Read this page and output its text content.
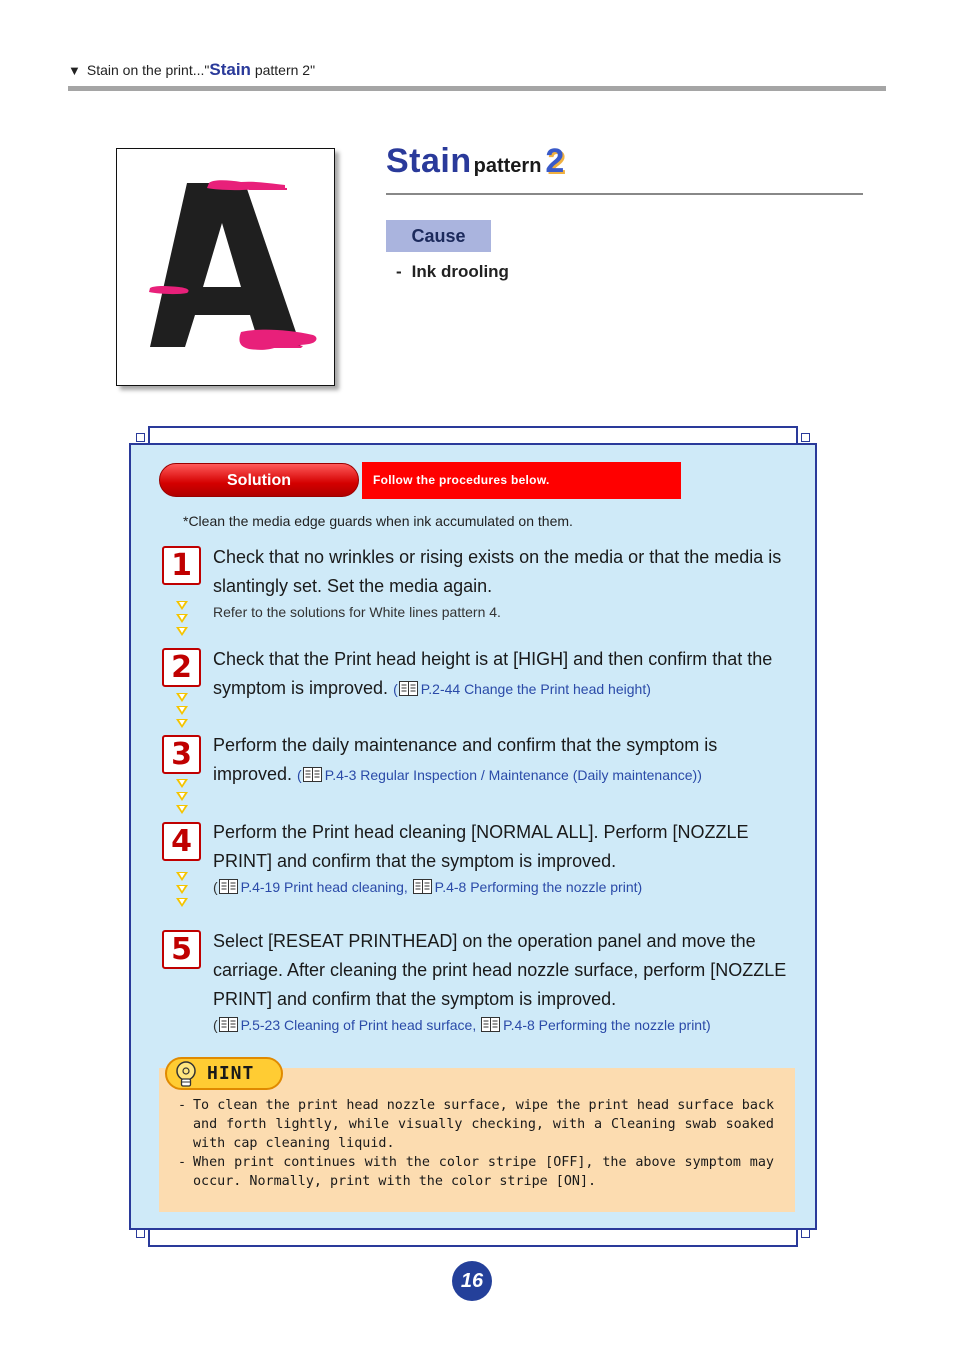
▼ Stain on the print..."Stain pattern 2"
Stain pattern 2
Cause
- Ink drooling
Solution	Follow the procedures below.
*Clean the media edge guards when ink accumulated on them.
1	Check that no wrinkles or rising exists on the media or that the media is slantingly set. Set the media again.
Refer to the solutions for White lines pattern 4.
2	Check that the Print head height is at [HIGH] and then confirm that the symptom is improved. ( P.2-44 Change the Print head height)
3	Perform the daily maintenance and confirm that the symptom is improved. ( P.4-3 Regular Inspection / Maintenance (Daily maintenance))
4	Perform the Print head cleaning [NORMAL ALL]. Perform [NOZZLE PRINT] and confirm that the symptom is improved.
( P.4-19 Print head cleaning, P.4-8 Performing the nozzle print)
5	Select [RESEAT PRINTHEAD] on the operation panel and move the carriage. After cleaning the print head nozzle surface, perform [NOZZLE PRINT] and confirm that the symptom is improved.
( P.5-23 Cleaning of Print head surface, P.4-8 Performing the nozzle print)
HINT
- To clean the print head nozzle surface, wipe the print head surface back and forth lightly, while visually checking, with a Cleaning swab soaked with cap cleaning liquid.
- When print continues with the color stripe [OFF], the above symptom may occur. Normally, print with the color stripe [ON].
16
